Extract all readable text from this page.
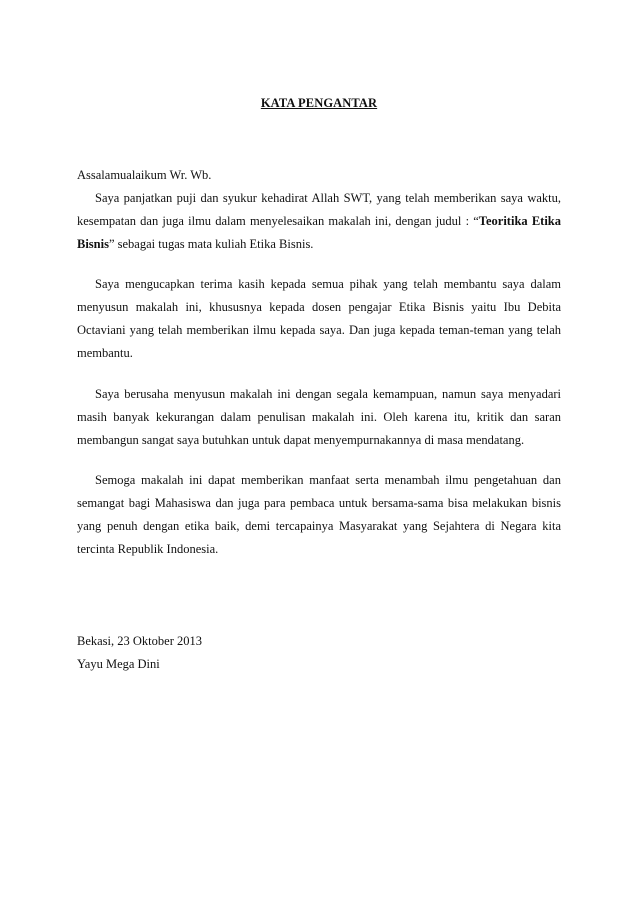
KATA PENGANTAR
Assalamualaikum Wr. Wb.
Saya panjatkan puji dan syukur kehadirat Allah SWT, yang telah memberikan saya waktu, kesempatan dan juga ilmu dalam menyelesaikan makalah ini, dengan judul : “Teoritika Etika Bisnis” sebagai tugas mata kuliah Etika Bisnis.
Saya mengucapkan terima kasih kepada semua pihak yang telah membantu saya dalam menyusun makalah ini, khususnya kepada dosen pengajar Etika Bisnis yaitu Ibu Debita Octaviani yang telah memberikan ilmu kepada saya. Dan juga kepada teman-teman yang telah membantu.
Saya berusaha menyusun makalah ini dengan segala kemampuan, namun saya menyadari masih banyak kekurangan dalam penulisan makalah ini. Oleh karena itu, kritik dan saran membangun sangat saya butuhkan untuk dapat menyempurnakannya di masa mendatang.
Semoga makalah ini dapat memberikan manfaat serta menambah ilmu pengetahuan dan semangat bagi Mahasiswa dan juga para pembaca untuk bersama-sama bisa melakukan bisnis yang penuh dengan etika baik, demi tercapainya Masyarakat yang Sejahtera di Negara kita tercinta Republik Indonesia.
Bekasi, 23 Oktober 2013
Yayu Mega Dini
